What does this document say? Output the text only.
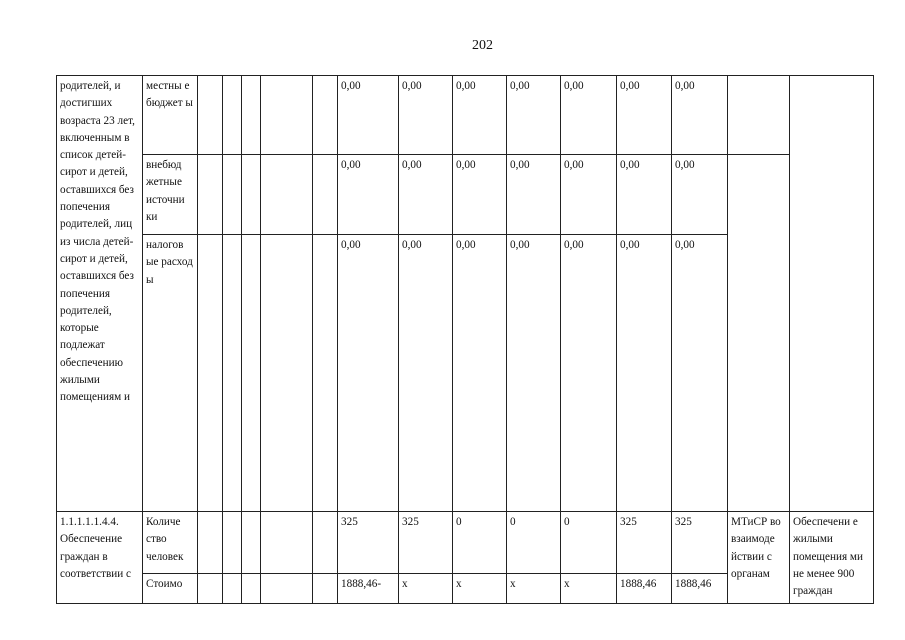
202
родителей, и достигших возраста 23 лет, включенным в список детей-сирот и детей, оставшихся без попечения родителей, лиц из числа детей-сирот и детей, оставшихся без попечения родителей, которые подлежат обеспечению жилыми помещениям и	местны е бюджет ы						0,00	0,00	0,00	0,00	0,00	0,00	0,00		
	внебюд жетные источни ки						0,00	0,00	0,00	0,00	0,00	0,00	0,00		
	налогов ые расход ы						0,00	0,00	0,00	0,00	0,00	0,00	0,00		
1.1.1.1.1.4.4. Обеспечение граждан в соответствии с	Количе ство человек						325	325	0	0	0	325	325	МТиСР во взаимоде йствии с органам	Обеспечени е жилыми помещения ми не менее 900 граждан
	Стоимо						1888,46-	х	х	х	х	1888,46	1888,46		
